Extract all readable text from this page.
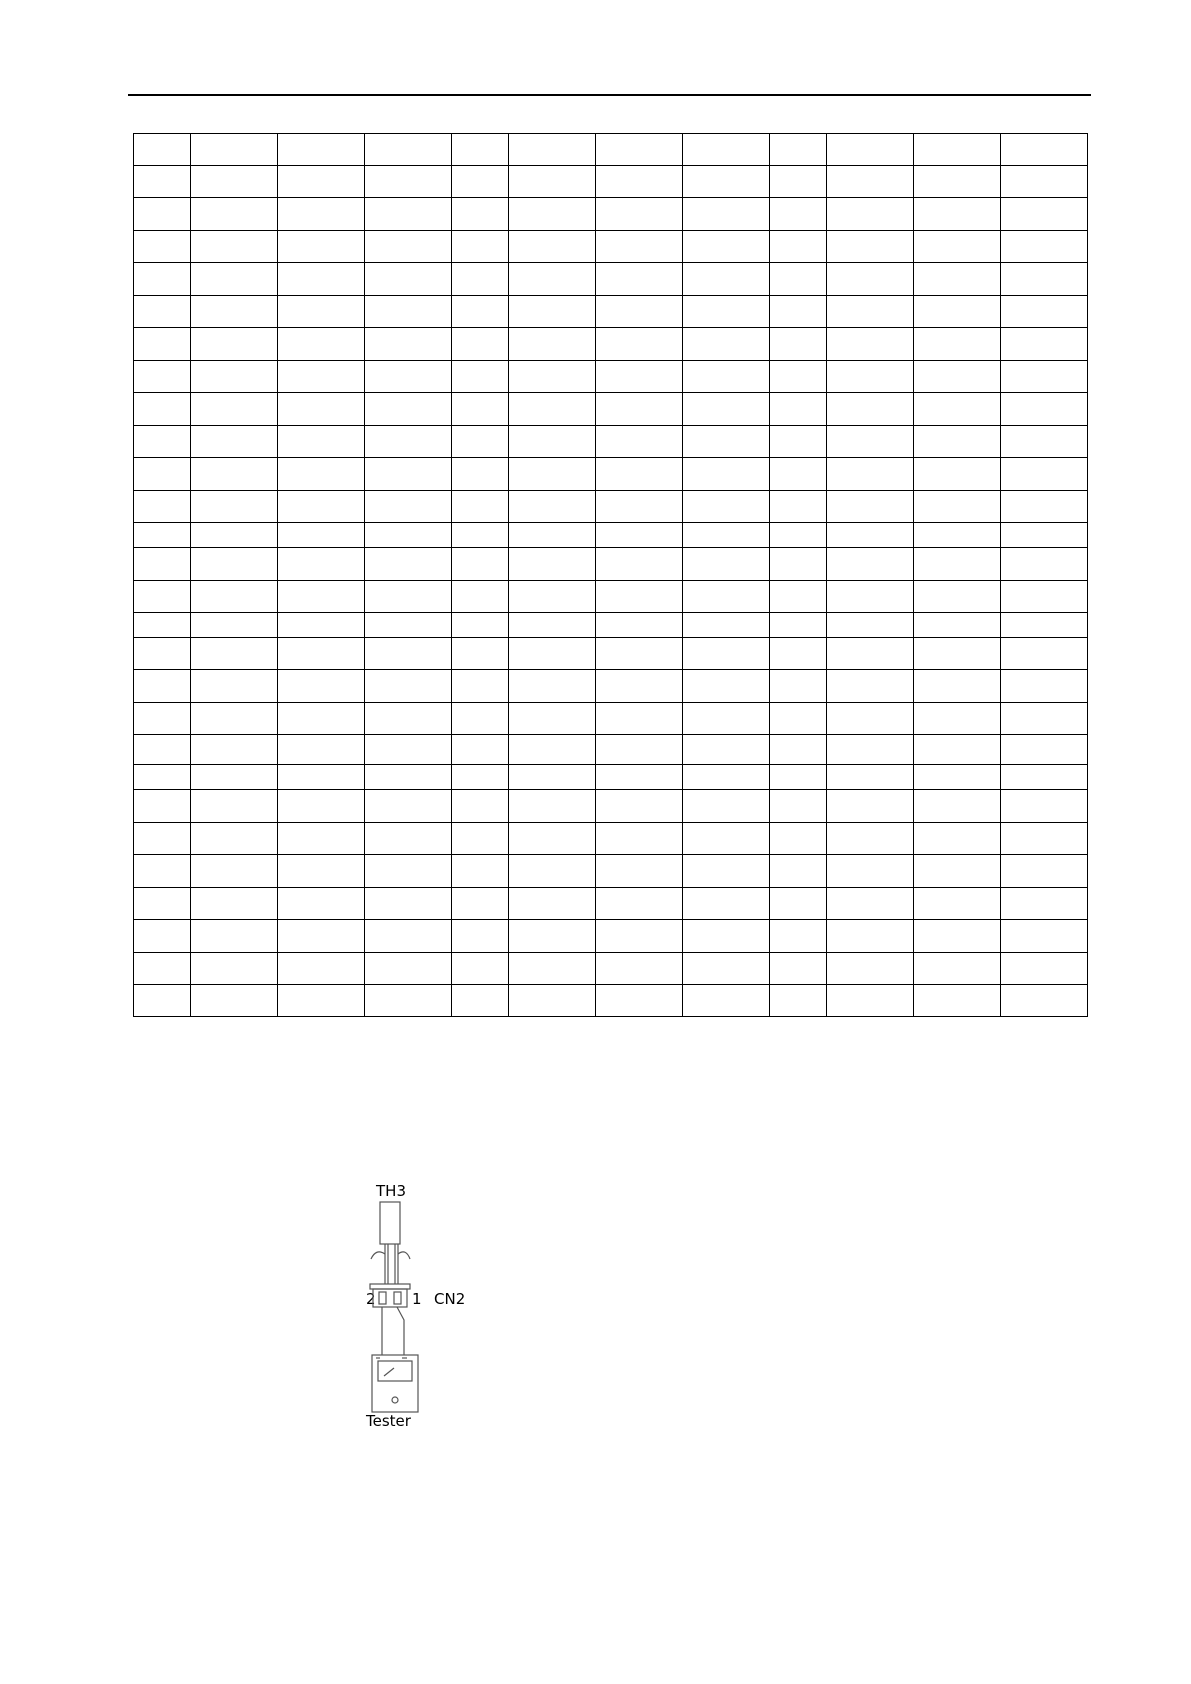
TH3
2 1 CN2
Tester
